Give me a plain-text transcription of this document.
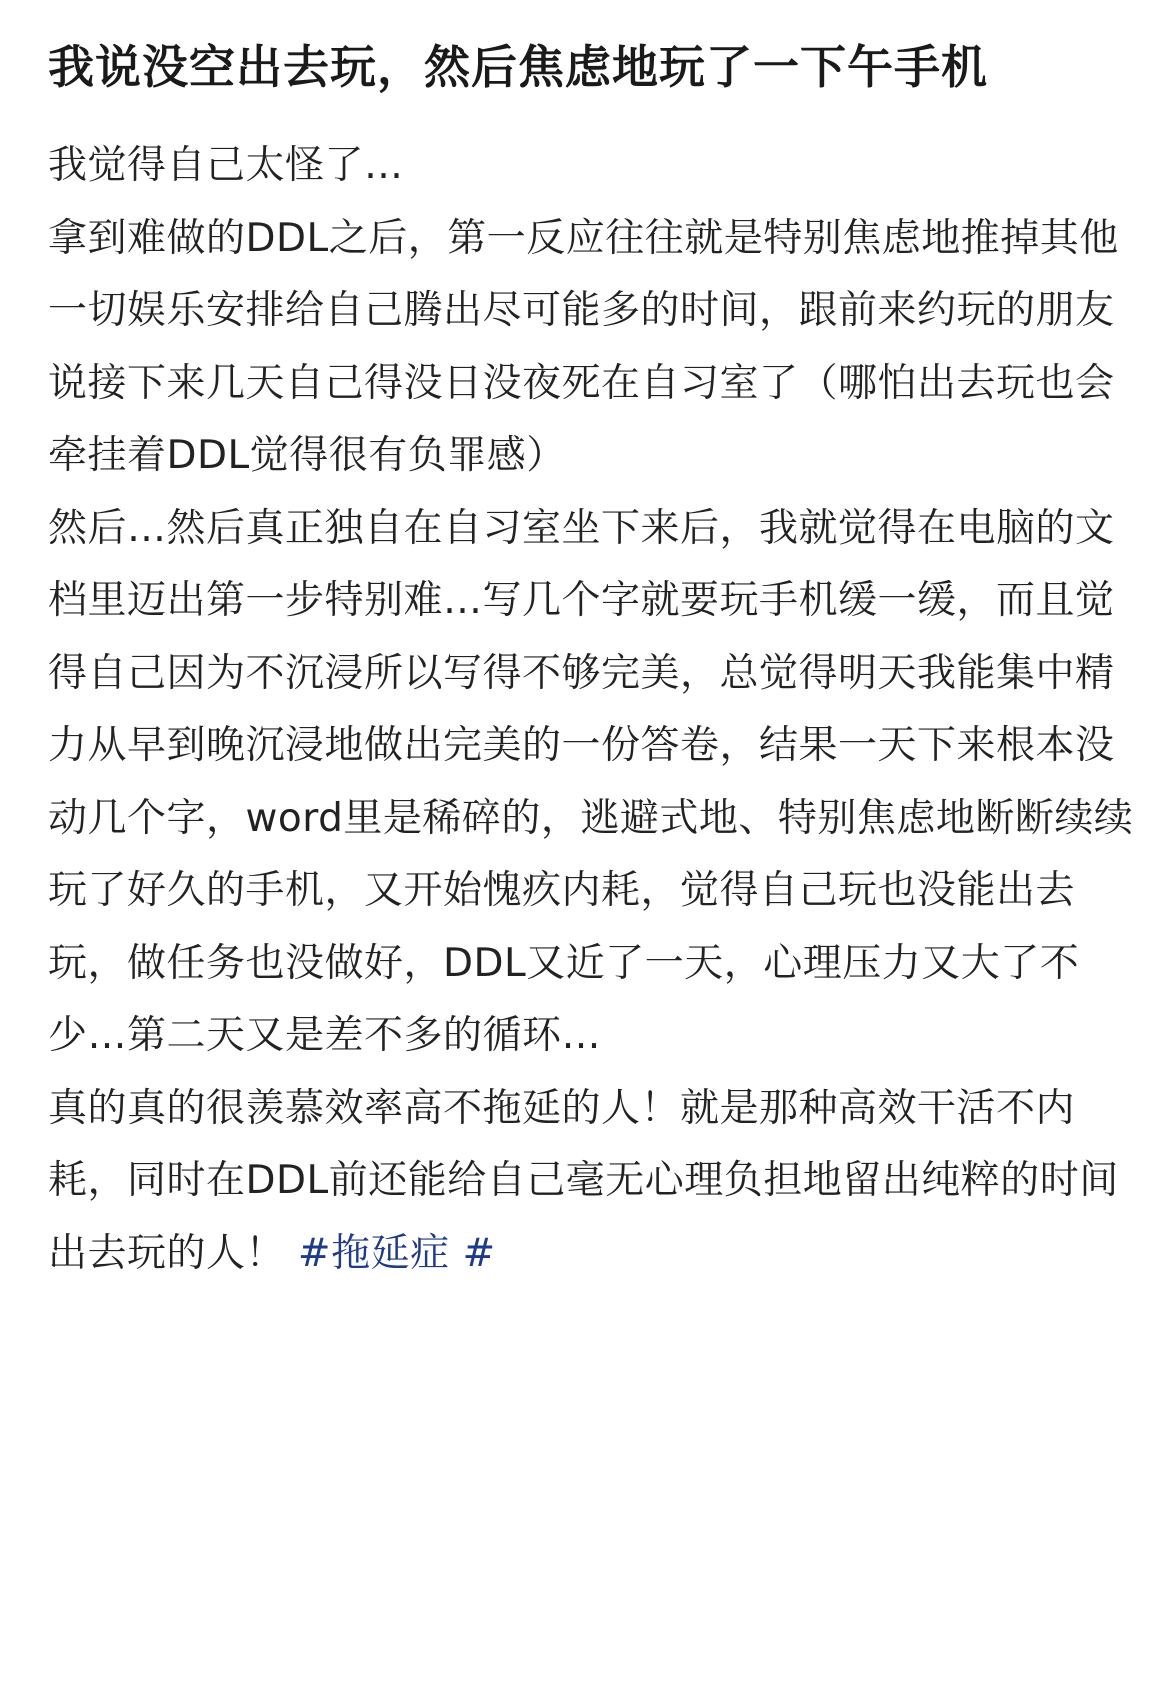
我说没空出去玩，然后焦虑地玩了一下午手机
我觉得自己太怪了…
拿到难做的DDL之后，第一反应往往就是特别焦虑地推掉其他一切娱乐安排给自己腾出尽可能多的时间，跟前来约玩的朋友说接下来几天自己得没日没夜死在自习室了（哪怕出去玩也会牵挂着DDL觉得很有负罪感）
然后…然后真正独自在自习室坐下来后，我就觉得在电脑的文档里迈出第一步特别难…写几个字就要玩手机缓一缓，而且觉得自己因为不沉浸所以写得不够完美，总觉得明天我能集中精力从早到晚沉浸地做出完美的一份答卷，结果一天下来根本没动几个字，word里是稀碎的，逃避式地、特别焦虑地断断续续玩了好久的手机，又开始愧疚内耗，觉得自己玩也没能出去玩，做任务也没做好，DDL又近了一天，心理压力又大了不少…第二天又是差不多的循环…
真的真的很羡慕效率高不拖延的人！就是那种高效干活不内耗，同时在DDL前还能给自己毫无心理负担地留出纯粹的时间出去玩的人！ #拖延症 #
